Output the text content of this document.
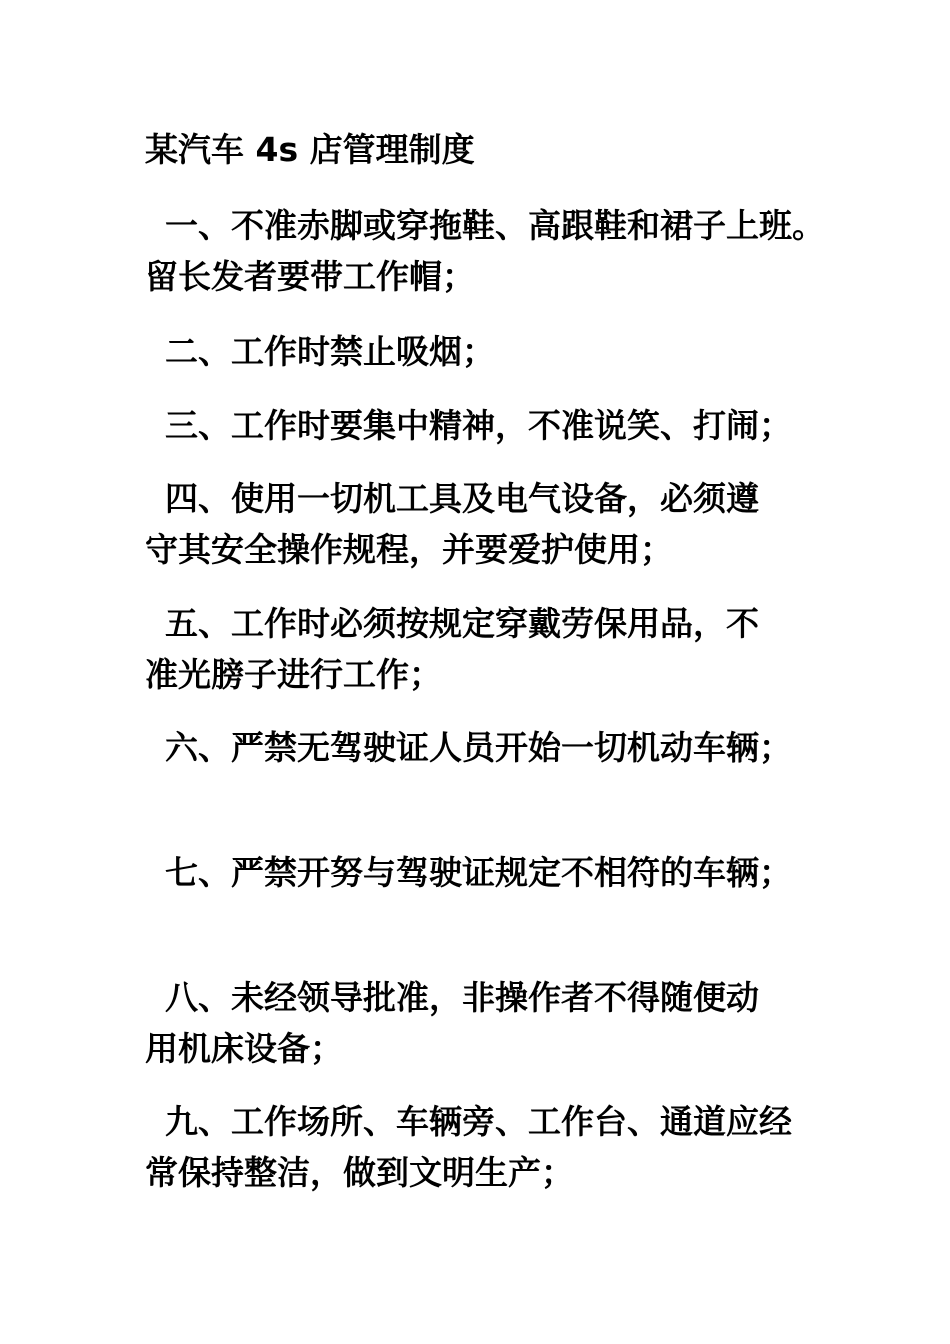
某汽车 4s 店管理制度
一、不准赤脚或穿拖鞋、高跟鞋和裙子上班。
留长发者要带工作帽；
二、工作时禁止吸烟；
三、工作时要集中精神，不准说笑、打闹；
四、使用一切机工具及电气设备，必须遵
守其安全操作规程，并要爱护使用；
五、工作时必须按规定穿戴劳保用品，不
准光膀子进行工作；
六、严禁无驾驶证人员开始一切机动车辆；
七、严禁开努与驾驶证规定不相符的车辆；
八、未经领导批准，非操作者不得随便动
用机床设备；
九、工作场所、车辆旁、工作台、通道应经
常保持整洁，做到文明生产；
